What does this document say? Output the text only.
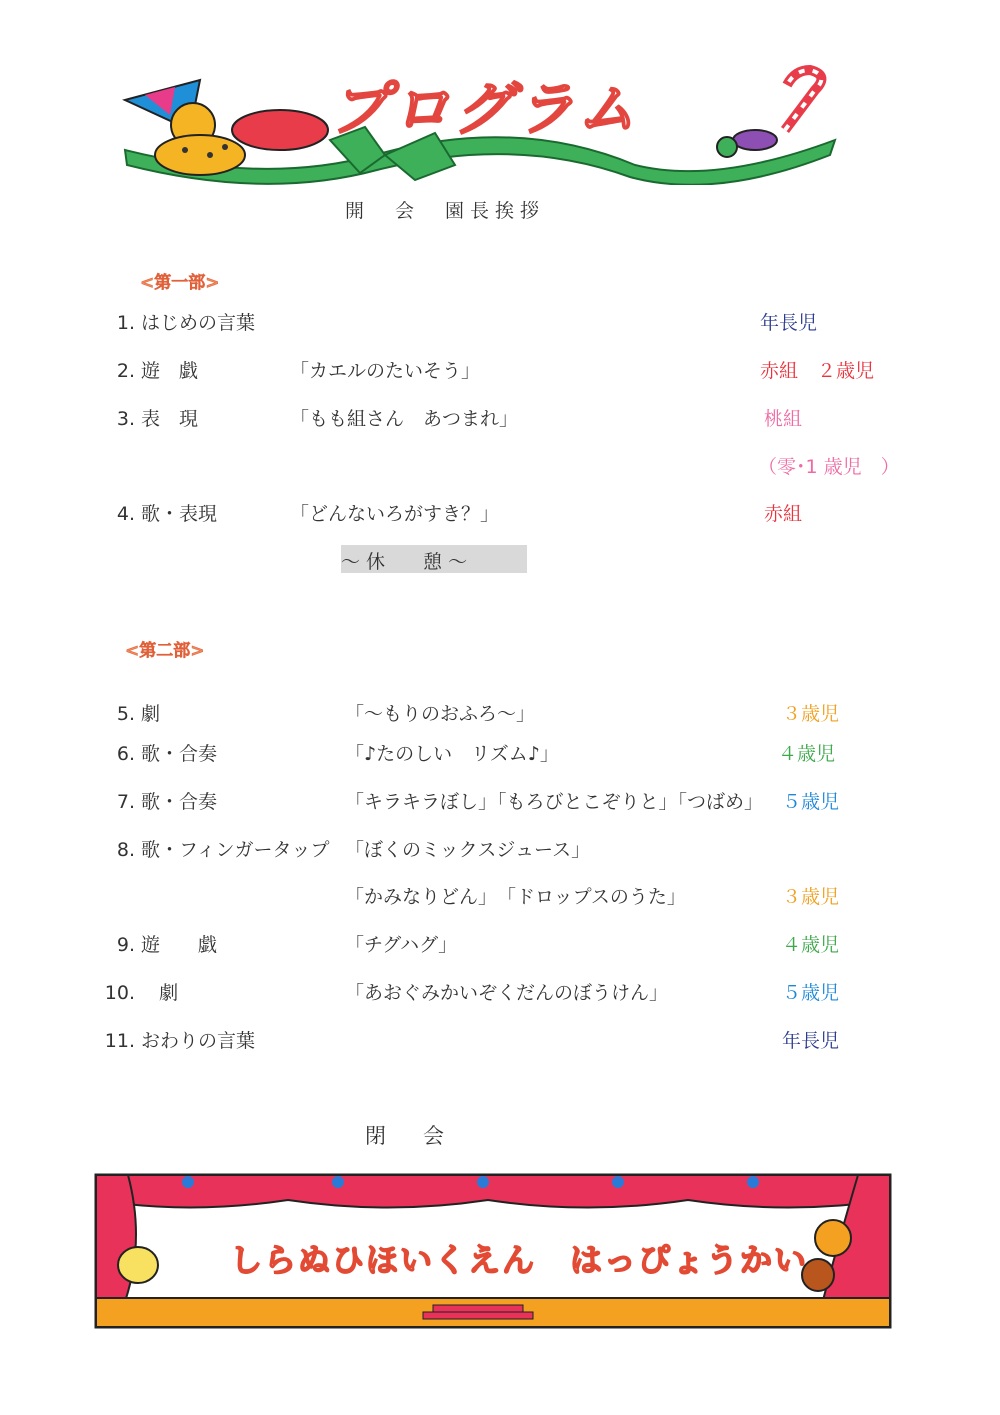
プログラム
開　会　園長挨拶
<第一部>
1. はじめの言葉	年長児
2. 遊　戯	「カエルのたいそう」	赤組　２歳児
3. 表　現	「もも組さん　あつまれ」	桃組
（零･1 歳児　）
4. 歌・表現	「どんないろがすき？」	赤組
～ 休　　憩 ～
<第二部>
5. 劇	「～もりのおふろ～」	３歳児
6. 歌・合奏	「♪たのしい　リズム♪」	４歳児
7. 歌・合奏	「キラキラぼし」「もろびとこぞりと」「つばめ」 ５歳児
8. 歌・フィンガータップ 「ぼくのミックスジュース」
「かみなりどん」　「ドロップスのうた」	３歳児
9. 遊　　戯	「チグハグ」	４歳児
10. 劇	「あおぐみかいぞくだんのぼうけん」	５歳児
11. おわりの言葉	年長児
閉　会
しらぬひほいくえん　はっぴょうかい
